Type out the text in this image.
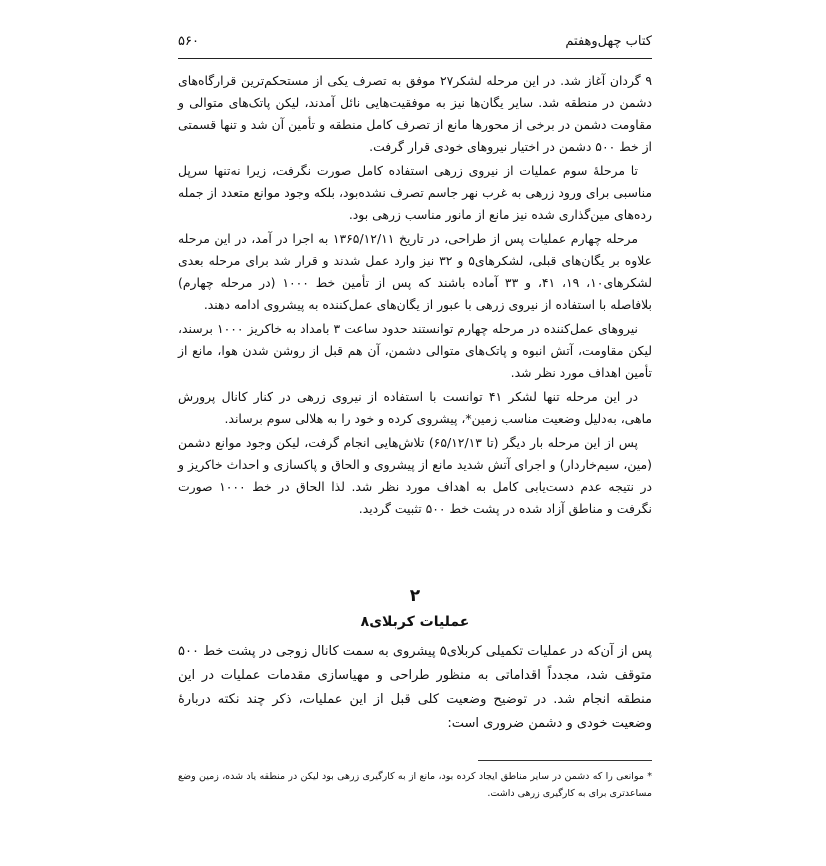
کتاب چهل‌وهفتم
۵۶۰

۹ گردان آغاز شد. در این مرحله لشکر۲۷ موفق به تصرف یکی از مستحکم‌ترین قرارگاه‌های دشمن در منطقه شد. سایر یگان‌ها نیز به موفقیت‌هایی نائل آمدند، لیکن پاتک‌های متوالی و مقاومت دشمن در برخی از محورها مانع از تصرف کامل منطقه و تأمین آن شد و تنها قسمتی از خط ۵۰۰ دشمن در اختیار نیروهای خودی قرار گرفت.

تا مرحلهٔ سوم عملیات از نیروی زرهی استفاده کامل صورت نگرفت، زیرا نه‌تنها سرپل مناسبی برای ورود زرهی به غرب نهر جاسم تصرف نشده‌بود، بلکه وجود موانع متعدد از جمله رده‌های مین‌گذاری شده نیز مانع از مانور مناسب زرهی بود.

مرحله چهارم عملیات پس از طراحی، در تاریخ ۱۳۶۵/۱۲/۱۱ به اجرا در آمد، در این مرحله علاوه بر یگان‌های قبلی، لشکرهای۵ و ۳۲ نیز وارد عمل شدند و قرار شد برای مرحله بعدی لشکرهای۱۰، ۱۹، ۴۱، و ۳۳ آماده باشند که پس از تأمین خط ۱۰۰۰ (در مرحله چهارم) بلافاصله با استفاده از نیروی زرهی با عبور از یگان‌های عمل‌کننده به پیشروی ادامه دهند.

نیروهای عمل‌کننده در مرحله چهارم توانستند حدود ساعت ۳ بامداد به خاکریز ۱۰۰۰ برسند، لیکن مقاومت، آتش انبوه و پاتک‌های متوالی دشمن، آن هم قبل از روشن شدن هوا، مانع از تأمین اهداف مورد نظر شد.

در این مرحله تنها لشکر ۴۱ توانست با استفاده از نیروی زرهی در کنار کانال پرورش ماهی، به‌دلیل وضعیت مناسب زمین*، پیشروی کرده و خود را به هلالی سوم برساند.

پس از این مرحله بار دیگر (تا ۶۵/۱۲/۱۳) تلاش‌هایی انجام گرفت، لیکن وجود موانع دشمن (مین، سیم‌خاردار) و اجرای آتش شدید مانع از پیشروی و الحاق و پاکسازی و احداث خاکریز و در نتیجه عدم دست‌یابی کامل به اهداف مورد نظر شد. لذا الحاق در خط ۱۰۰۰ صورت نگرفت و مناطق آزاد شده در پشت خط ۵۰۰ تثبیت گردید.

۲
عملیات کربلای۸

پس از آن‌که در عملیات تکمیلی کربلای۵ پیشروی به سمت کانال زوجی در پشت خط ۵۰۰ متوقف شد، مجدداً اقداماتی به منظور طراحی و مهیاسازی مقدمات عملیات در این منطقه انجام شد. در توضیح وضعیت کلی قبل از این عملیات، ذکر چند نکته دربارهٔ وضعیت خودی و دشمن ضروری است:

* موانعی را که دشمن در سایر مناطق ایجاد کرده بود، مانع از به کارگیری زرهی بود لیکن در منطقه یاد شده، زمین وضع مساعدتری برای به کارگیری زرهی داشت.
